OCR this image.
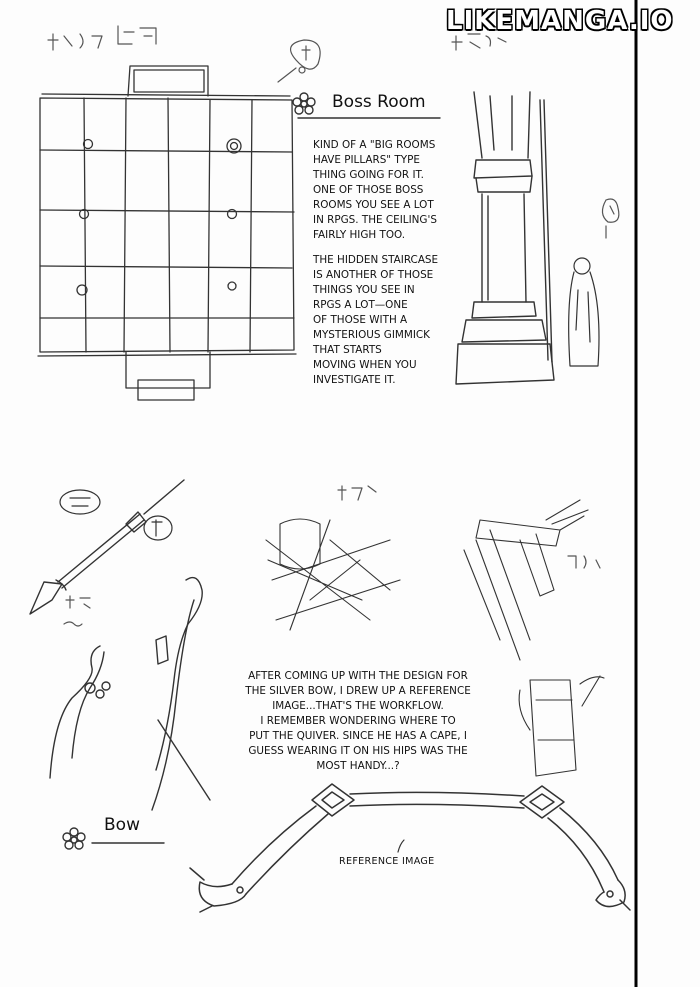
LIKEMANGA.IO
Boss Room
KIND OF A "BIG ROOMS
HAVE PILLARS" TYPE
THING GOING FOR IT.
ONE OF THOSE BOSS
ROOMS YOU SEE A LOT
IN RPGS. THE CEILING'S
FAIRLY HIGH TOO.
THE HIDDEN STAIRCASE
IS ANOTHER OF THOSE
THINGS YOU SEE IN
RPGS A LOT—ONE
OF THOSE WITH A
MYSTERIOUS GIMMICK
THAT STARTS
MOVING WHEN YOU
INVESTIGATE IT.
AFTER COMING UP WITH THE DESIGN FOR
THE SILVER BOW, I DREW UP A REFERENCE
IMAGE...THAT'S THE WORKFLOW.
I REMEMBER WONDERING WHERE TO
PUT THE QUIVER. SINCE HE HAS A CAPE, I
GUESS WEARING IT ON HIS HIPS WAS THE
MOST HANDY...?
Bow
REFERENCE IMAGE
